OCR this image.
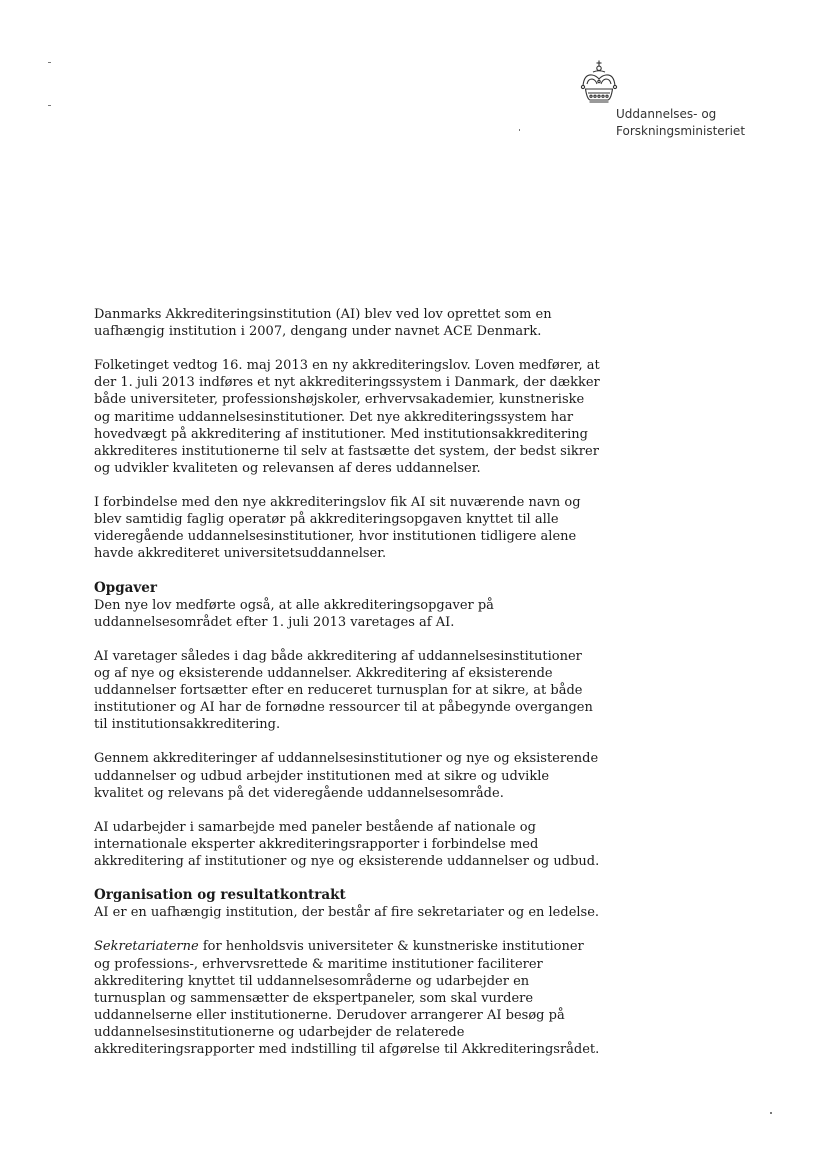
Uddannelses- og
Forskningsministeriet

Danmarks Akkrediteringsinstitution (AI) blev ved lov oprettet som en uafhængig institution i 2007, dengang under navnet ACE Denmark.

Folketinget vedtog 16. maj 2013 en ny akkrediteringslov. Loven medfører, at der 1. juli 2013 indføres et nyt akkrediteringssystem i Danmark, der dækker både universiteter, professionshøjskoler, erhvervsakademier, kunstneriske og maritime uddannelsesinstitutioner. Det nye akkrediteringssystem har hovedvægt på akkreditering af institutioner. Med institutionsakkreditering akkrediteres institutionerne til selv at fastsætte det system, der bedst sikrer og udvikler kvaliteten og relevansen af deres uddannelser.

I forbindelse med den nye akkrediteringslov fik AI sit nuværende navn og blev samtidig faglig operatør på akkrediteringsopgaven knyttet til alle videregående uddannelsesinstitutioner, hvor institutionen tidligere alene havde akkrediteret universitetsuddannelser.

Opgaver

Den nye lov medførte også, at alle akkrediteringsopgaver på uddannelsesområdet efter 1. juli 2013 varetages af AI.

AI varetager således i dag både akkreditering af uddannelsesinstitutioner og af nye og eksisterende uddannelser. Akkreditering af eksisterende uddannelser fortsætter efter en reduceret turnusplan for at sikre, at både institutioner og AI har de fornødne ressourcer til at påbegynde overgangen til institutionsakkreditering.

Gennem akkrediteringer af uddannelsesinstitutioner og nye og eksisterende uddannelser og udbud arbejder institutionen med at sikre og udvikle kvalitet og relevans på det videregående uddannelsesområde.

AI udarbejder i samarbejde med paneler bestående af nationale og internationale eksperter akkrediteringsrapporter i forbindelse med akkreditering af institutioner og nye og eksisterende uddannelser og udbud.

Organisation og resultatkontrakt

AI er en uafhængig institution, der består af fire sekretariater og en ledelse.

Sekretariaterne for henholdsvis universiteter & kunstneriske institutioner og professions-, erhvervsrettede & maritime institutioner faciliterer akkreditering knyttet til uddannelsesområderne og udarbejder en turnusplan og sammensætter de ekspertpaneler, som skal vurdere uddannelserne eller institutionerne. Derudover arrangerer AI besøg på uddannelsesinstitutionerne og udarbejder de relaterede akkrediteringsrapporter med indstilling til afgørelse til Akkrediteringsrådet.
